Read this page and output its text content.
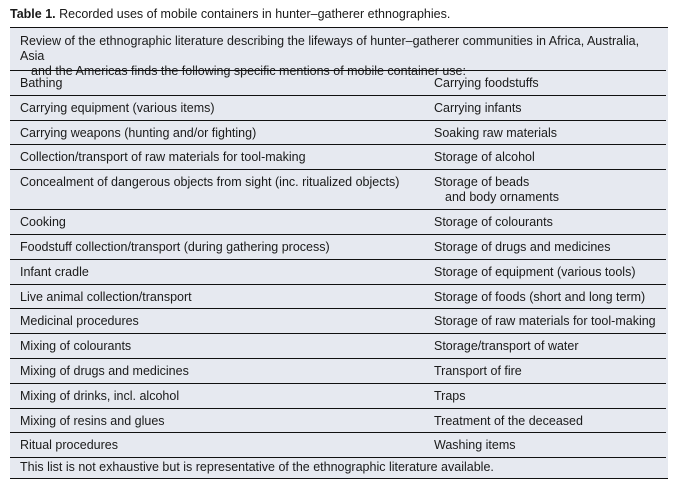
Table 1. Recorded uses of mobile containers in hunter–gatherer ethnographies.
Review of the ethnographic literature describing the lifeways of hunter–gatherer communities in Africa, Australia, Asia
and the Americas finds the following specific mentions of mobile container use:
Bathing	Carrying foodstuffs
Carrying equipment (various items)	Carrying infants
Carrying weapons (hunting and/or fighting)	Soaking raw materials
Collection/transport of raw materials for tool-making	Storage of alcohol
Concealment of dangerous objects from sight (inc. ritualized objects)	Storage of beads
and body ornaments
Cooking	Storage of colourants
Foodstuff collection/transport (during gathering process)	Storage of drugs and medicines
Infant cradle	Storage of equipment (various tools)
Live animal collection/transport	Storage of foods (short and long term)
Medicinal procedures	Storage of raw materials for tool-making
Mixing of colourants	Storage/transport of water
Mixing of drugs and medicines	Transport of fire
Mixing of drinks, incl. alcohol	Traps
Mixing of resins and glues	Treatment of the deceased
Ritual procedures	Washing items
This list is not exhaustive but is representative of the ethnographic literature available.
